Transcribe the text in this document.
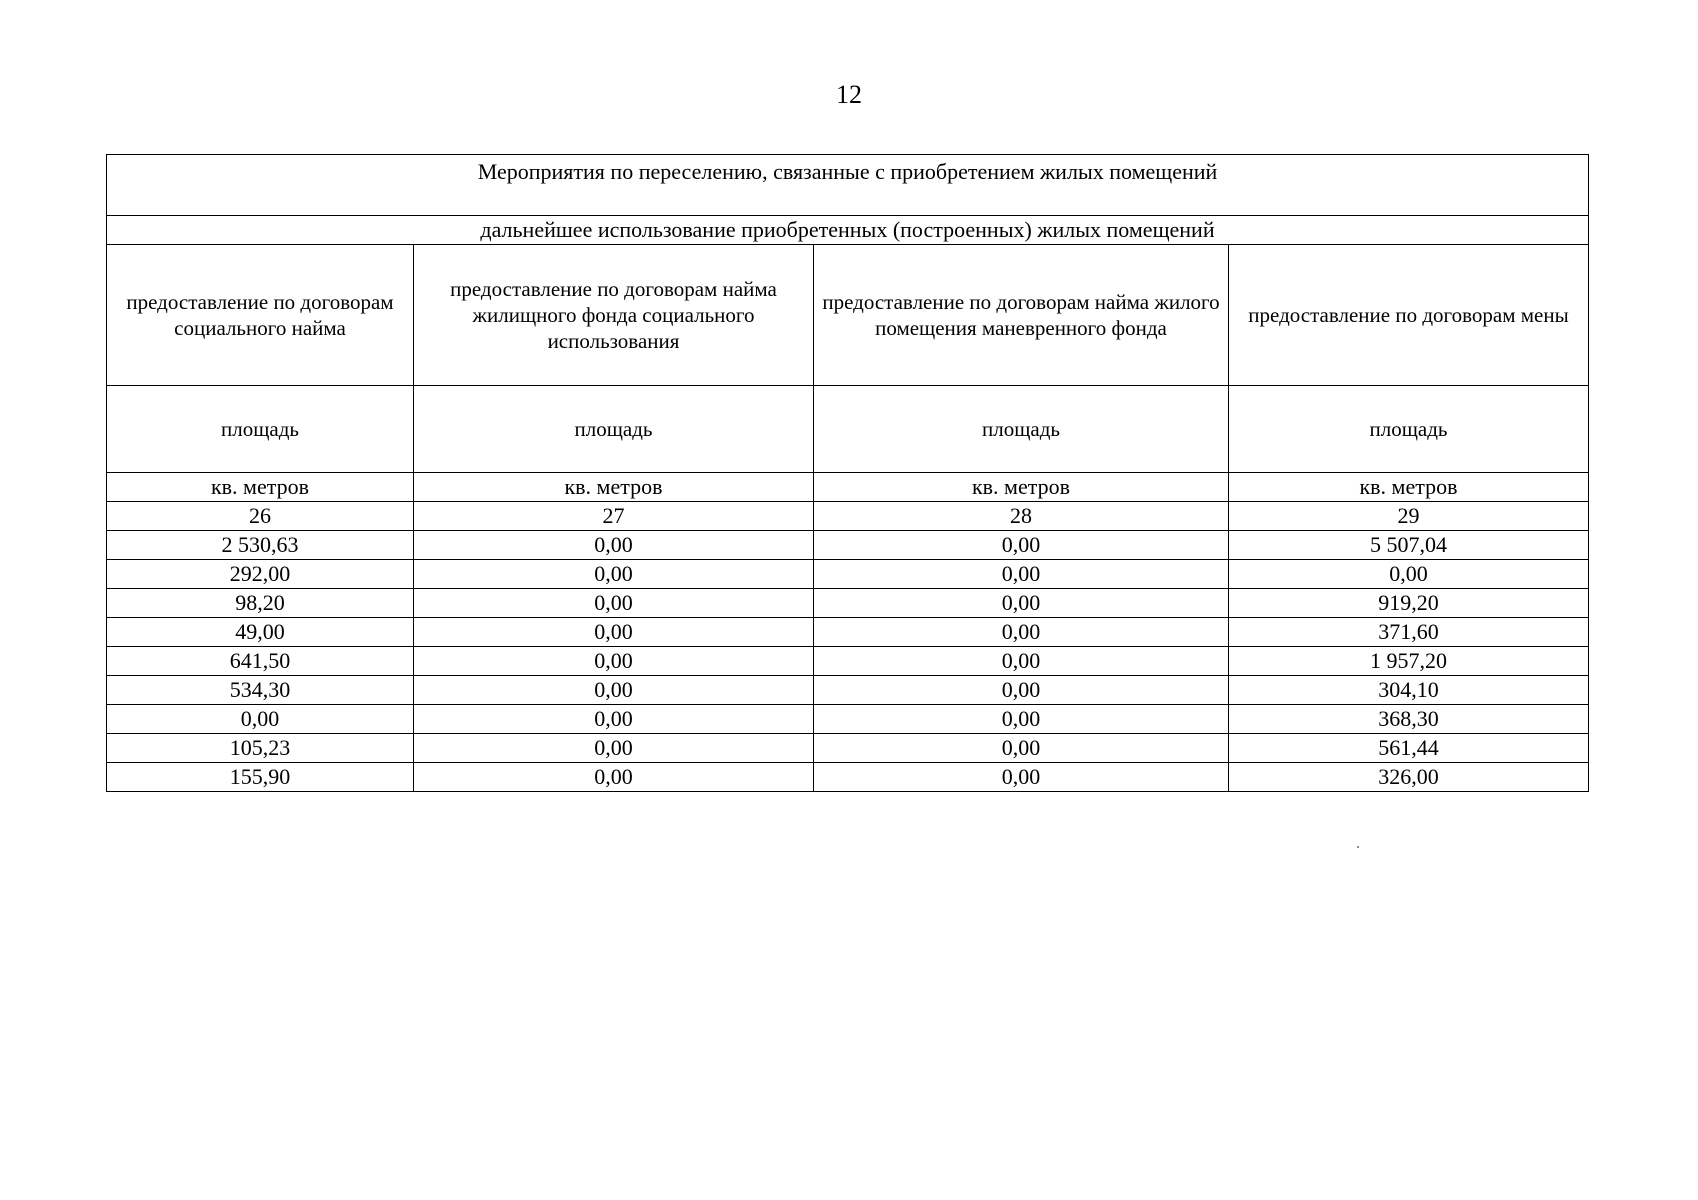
12
Мероприятия по переселению, связанные с приобретением жилых помещений			
дальнейшее использование приобретенных (построенных) жилых помещений			
предоставление по договорам социального найма	предоставление по договорам найма жилищного фонда социального использования	предоставление по договорам найма жилого помещения маневренного фонда	предоставление по договорам мены
площадь	площадь	площадь	площадь
кв. метров	кв. метров	кв. метров	кв. метров
26	27	28	29
2 530,63	0,00	0,00	5 507,04
292,00	0,00	0,00	0,00
98,20	0,00	0,00	919,20
49,00	0,00	0,00	371,60
641,50	0,00	0,00	1 957,20
534,30	0,00	0,00	304,10
0,00	0,00	0,00	368,30
105,23	0,00	0,00	561,44
155,90	0,00	0,00	326,00
